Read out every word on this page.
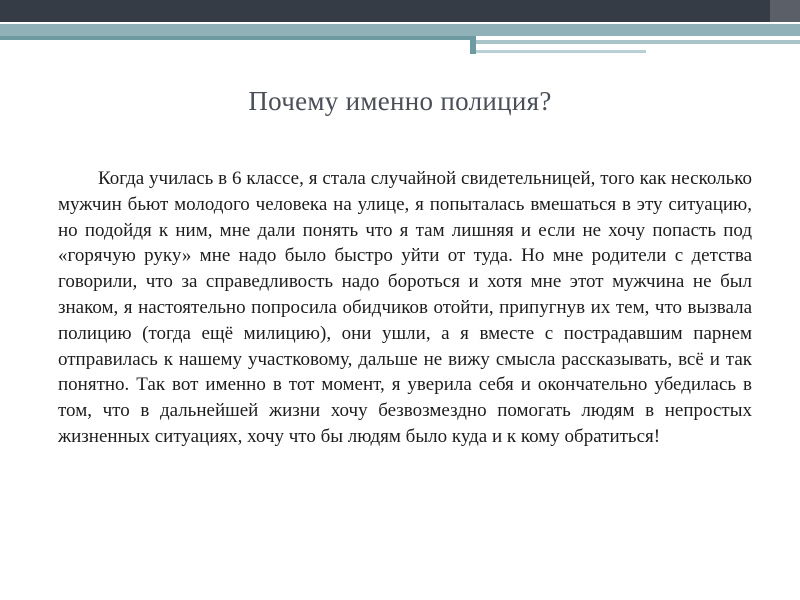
Почему именно полиция?

Когда училась в 6 классе, я стала случайной свидетельницей, того как несколько мужчин бьют молодого человека на улице, я попыталась вмешаться в эту ситуацию, но подойдя к ним, мне дали понять что я там лишняя и если не хочу попасть под «горячую руку» мне надо было быстро уйти от туда. Но мне родители с детства говорили, что за справедливость надо бороться и хотя мне этот мужчина не был знаком, я настоятельно попросила обидчиков отойти, припугнув их тем, что вызвала полицию (тогда ещё милицию), они ушли, а я вместе с пострадавшим парнем отправилась к нашему участковому, дальше не вижу смысла рассказывать, всё и так понятно. Так вот именно в тот момент, я уверила себя и окончательно убедилась в том, что в дальнейшей жизни хочу безвозмездно помогать людям в непростых жизненных ситуациях, хочу что бы людям было куда и к кому обратиться!
